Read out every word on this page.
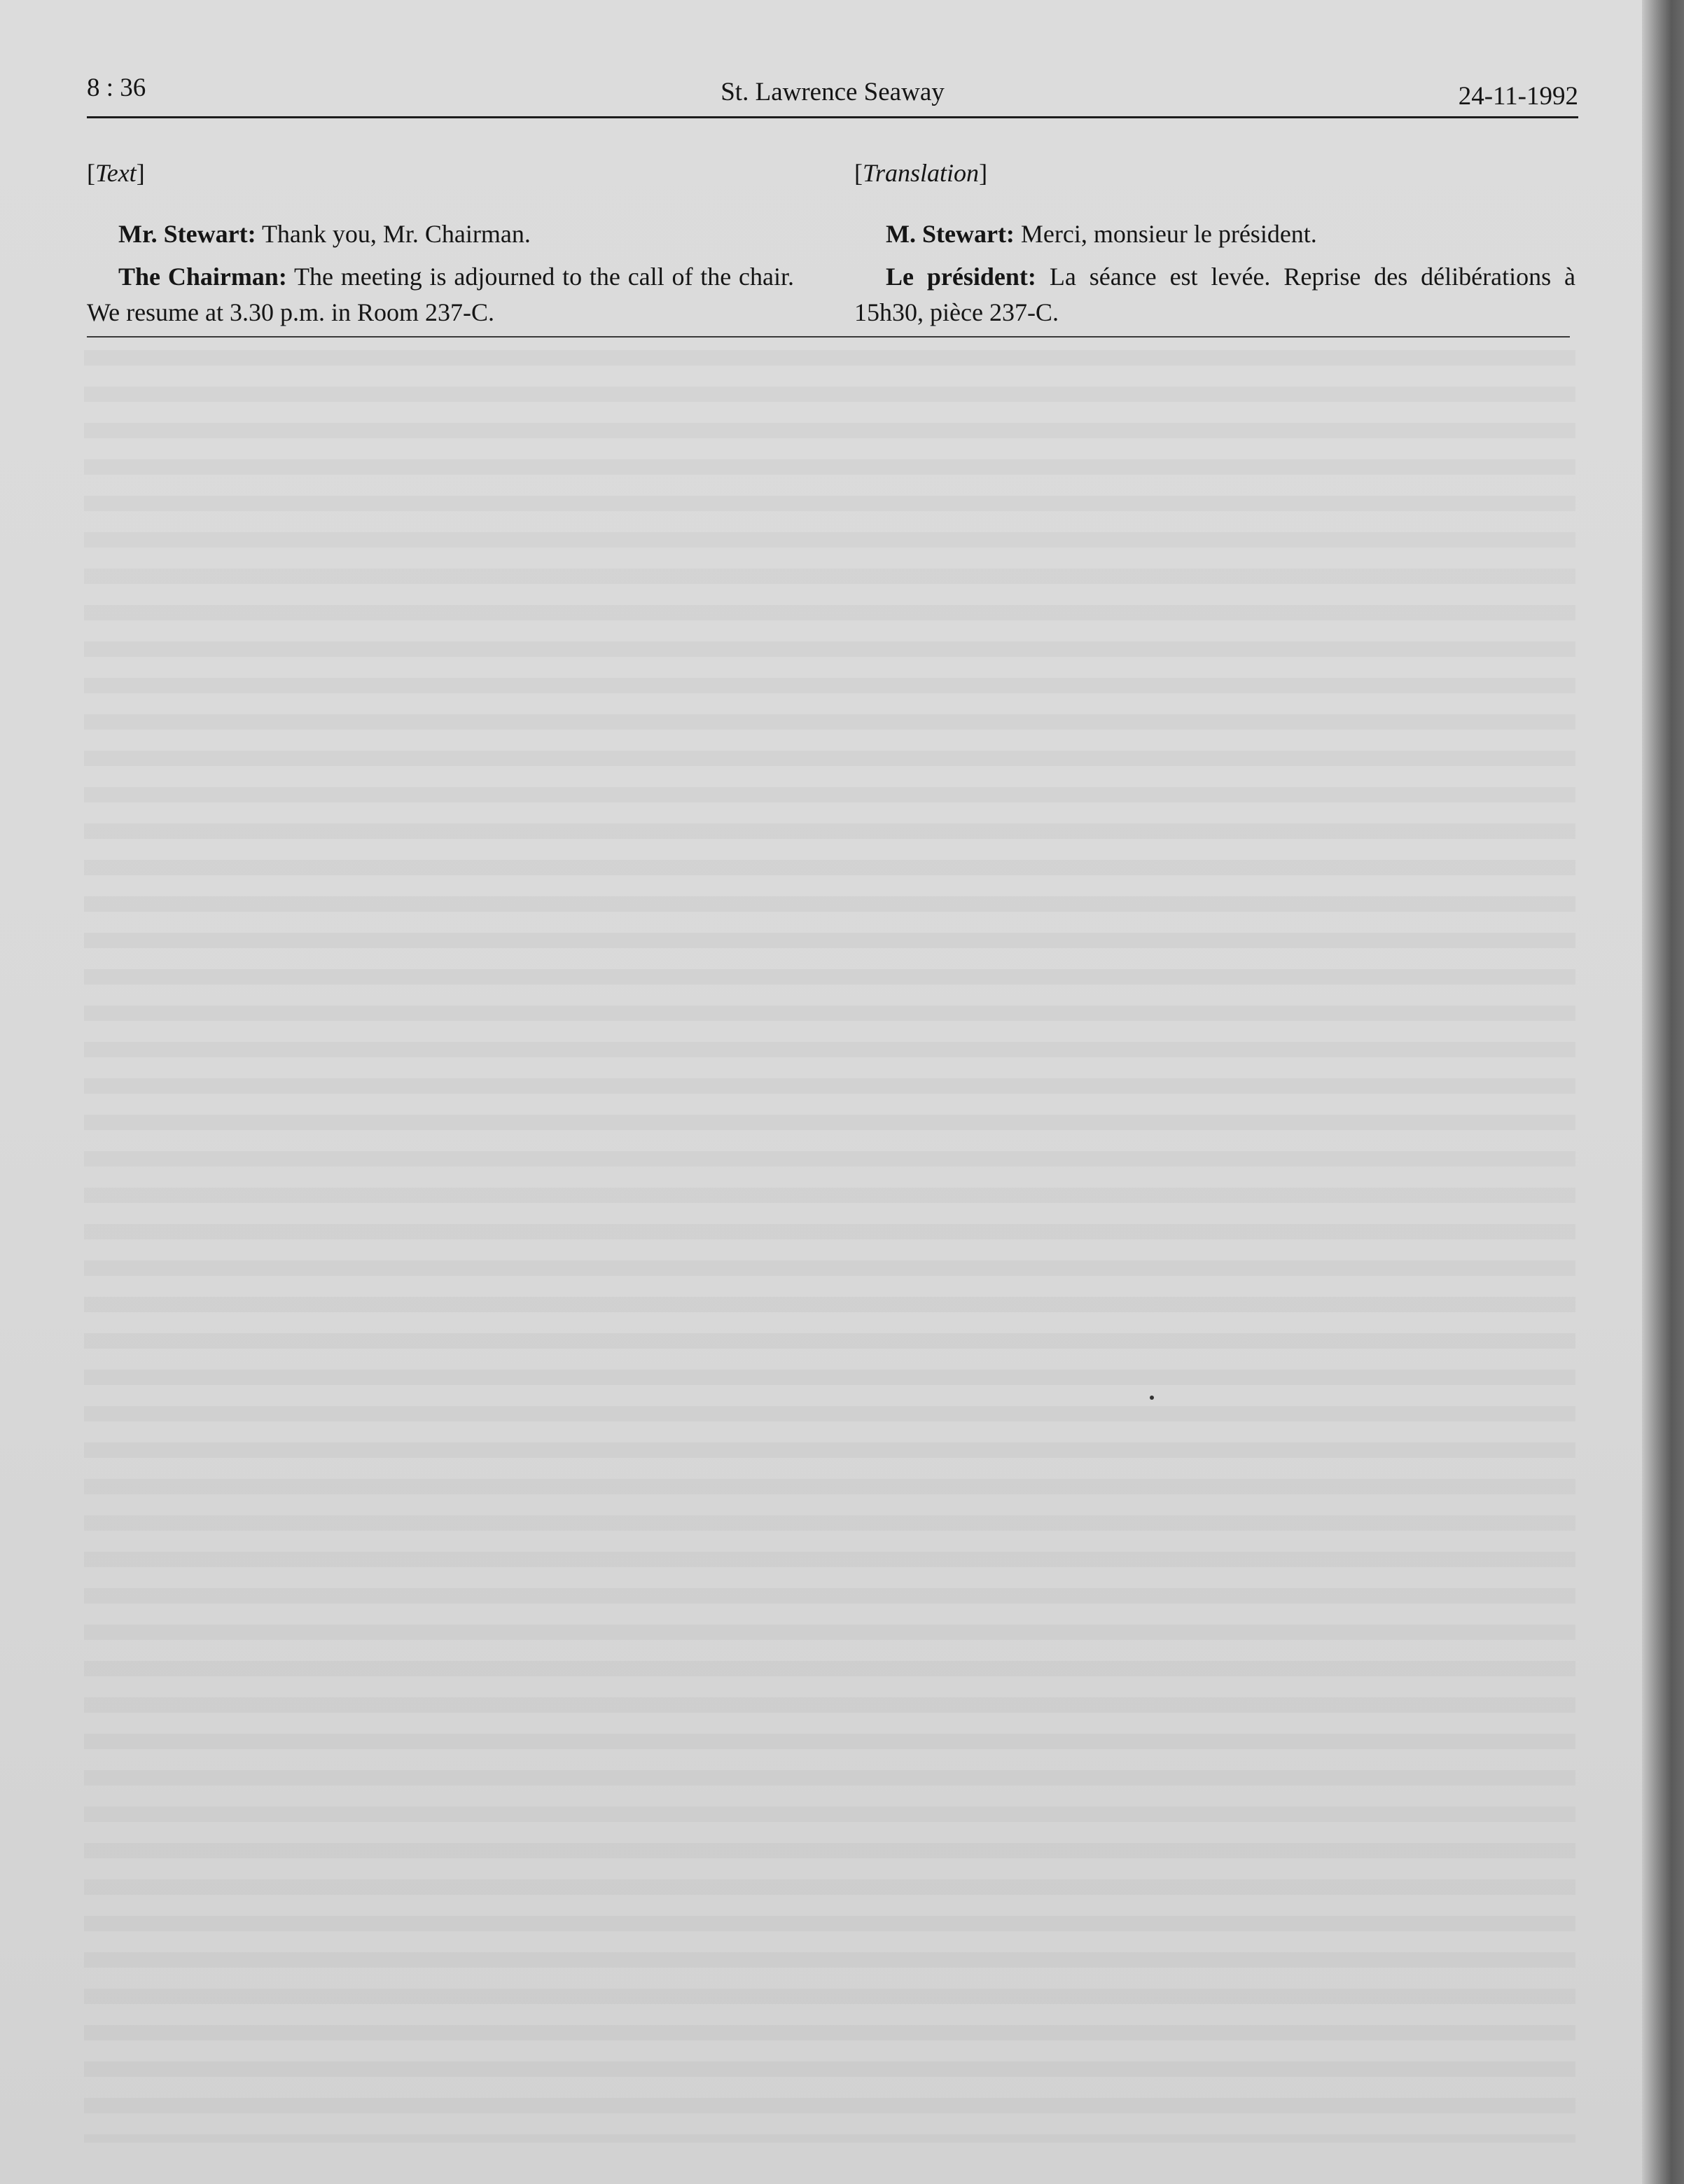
8 : 36	St. Lawrence Seaway	24-11-1992

[Text]

Mr. Stewart: Thank you, Mr. Chairman.

The Chairman: The meeting is adjourned to the call of the chair. We resume at 3.30 p.m. in Room 237-C.

[Translation]

M. Stewart: Merci, monsieur le président.

Le président: La séance est levée. Reprise des délibérations à 15h30, pièce 237-C.
